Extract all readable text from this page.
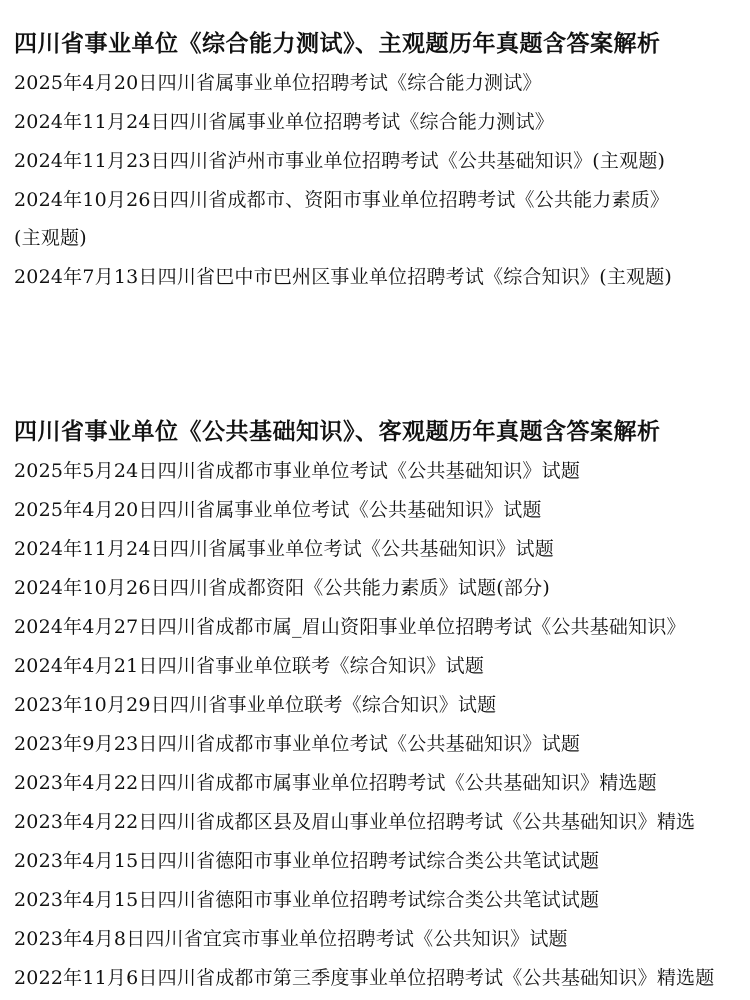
四川省事业单位《综合能力测试》、主观题历年真题含答案解析
2025年4月20日四川省属事业单位招聘考试《综合能力测试》
2024年11月24日四川省属事业单位招聘考试《综合能力测试》
2024年11月23日四川省泸州市事业单位招聘考试《公共基础知识》(主观题)
2024年10月26日四川省成都市、资阳市事业单位招聘考试《公共能力素质》
(主观题)
2024年7月13日四川省巴中市巴州区事业单位招聘考试《综合知识》(主观题)
四川省事业单位《公共基础知识》、客观题历年真题含答案解析
2025年5月24日四川省成都市事业单位考试《公共基础知识》试题
2025年4月20日四川省属事业单位考试《公共基础知识》试题
2024年11月24日四川省属事业单位考试《公共基础知识》试题
2024年10月26日四川省成都资阳《公共能力素质》试题(部分)
2024年4月27日四川省成都市属_眉山资阳事业单位招聘考试《公共基础知识》
2024年4月21日四川省事业单位联考《综合知识》试题
2023年10月29日四川省事业单位联考《综合知识》试题
2023年9月23日四川省成都市事业单位考试《公共基础知识》试题
2023年4月22日四川省成都市属事业单位招聘考试《公共基础知识》精选题
2023年4月22日四川省成都区县及眉山事业单位招聘考试《公共基础知识》精选
2023年4月15日四川省德阳市事业单位招聘考试综合类公共笔试试题
2023年4月15日四川省德阳市事业单位招聘考试综合类公共笔试试题
2023年4月8日四川省宜宾市事业单位招聘考试《公共知识》试题
2022年11月6日四川省成都市第三季度事业单位招聘考试《公共基础知识》精选题
